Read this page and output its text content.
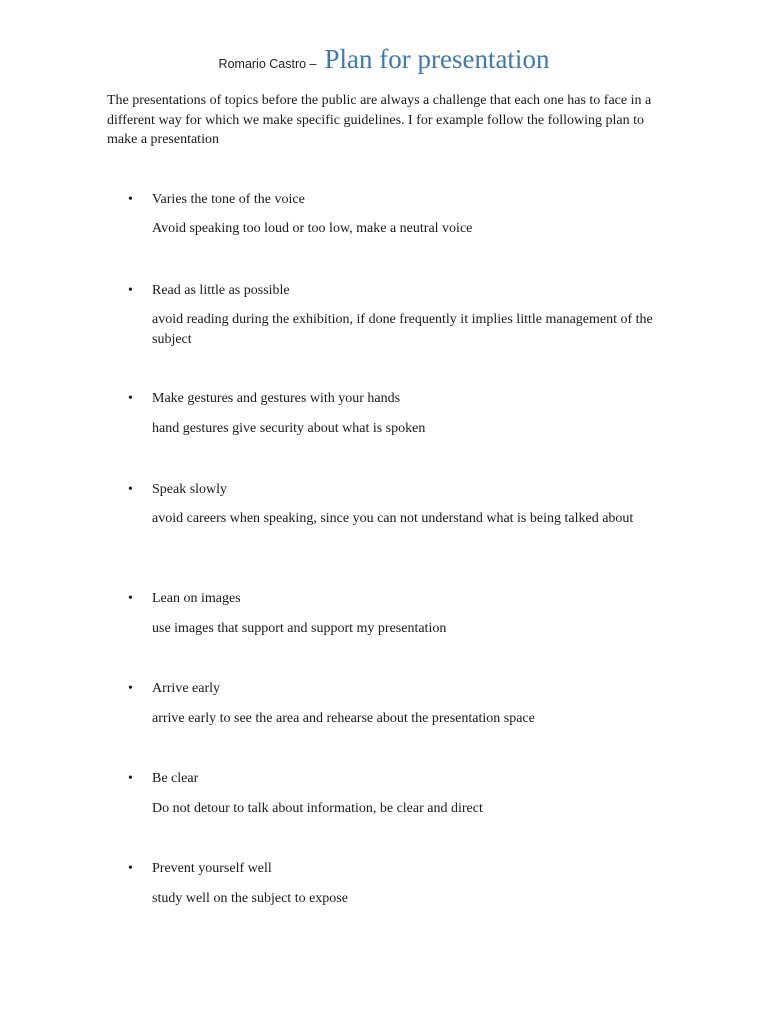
Romario Castro – Plan for presentation
The presentations of topics before the public are always a challenge that each one has to face in a different way for which we make specific guidelines. I for example follow the following plan to make a presentation
• Varies the tone of the voice
Avoid speaking too loud or too low, make a neutral voice
• Read as little as possible
avoid reading during the exhibition, if done frequently it implies little management of the subject
• Make gestures and gestures with your hands
hand gestures give security about what is spoken
• Speak slowly
avoid careers when speaking, since you can not understand what is being talked about
• Lean on images
use images that support and support my presentation
• Arrive early
arrive early to see the area and rehearse about the presentation space
• Be clear
Do not detour to talk about information, be clear and direct
• Prevent yourself well
study well on the subject to expose
